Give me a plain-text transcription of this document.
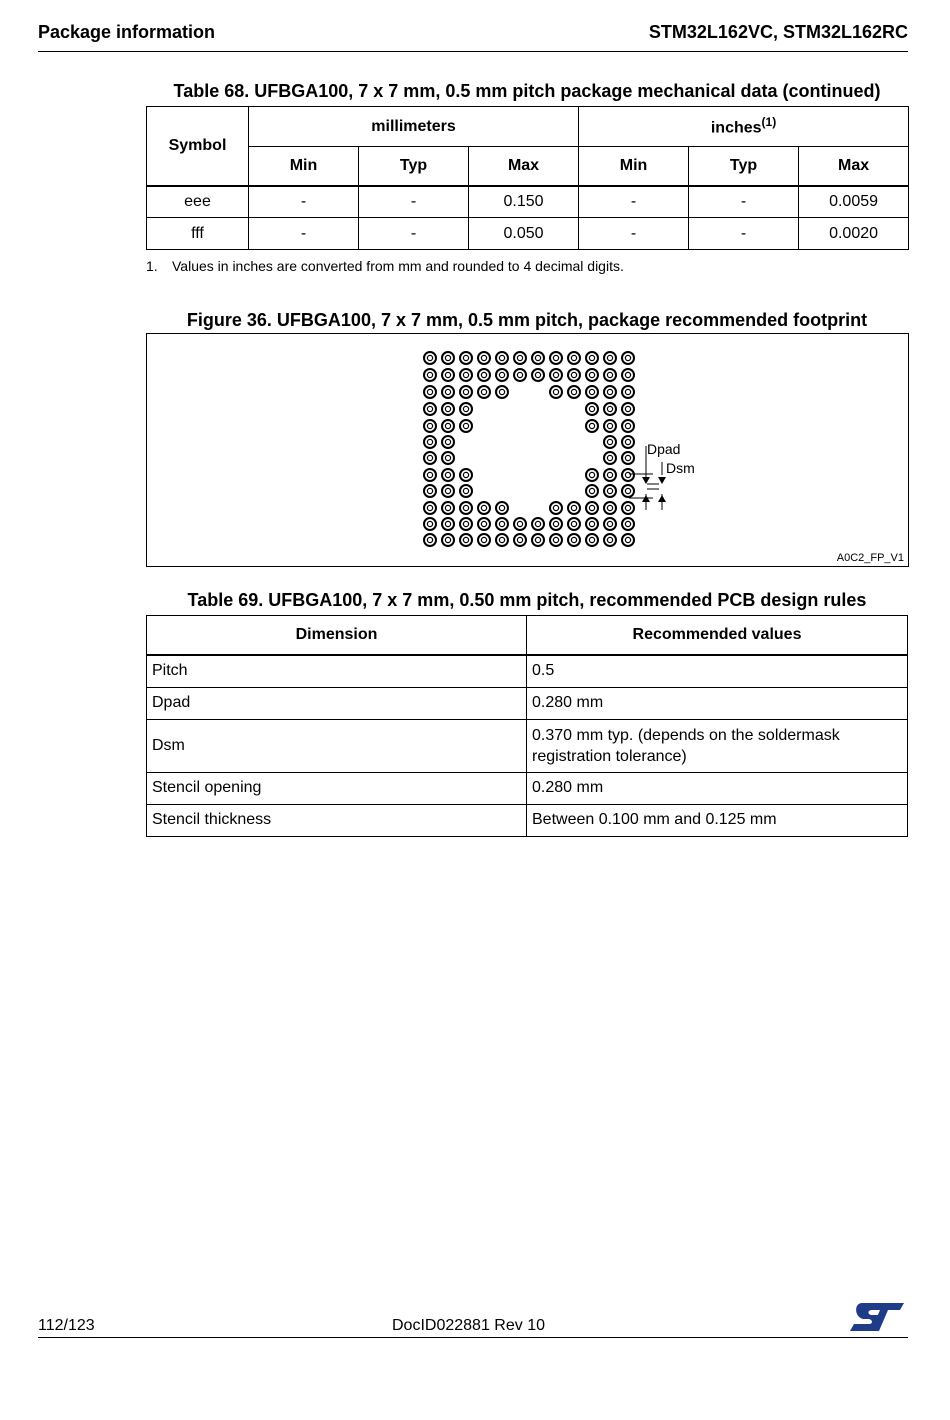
Package information	STM32L162VC, STM32L162RC
Table 68. UFBGA100, 7 x 7 mm, 0.5 mm pitch package mechanical data (continued)
Symbol	millimeters			inches$^{(1)}$
	Min	Typ	Max	Min	Typ	Max
eee	-	-	0.150	-	-	0.0059
fff	-	-	0.050	-	-	0.0020
1. Values in inches are converted from mm and rounded to 4 decimal digits.
Figure 36. UFBGA100, 7 x 7 mm, 0.5 mm pitch, package recommended footprint
Dpad
Dsm
A0C2_FP_V1
Table 69. UFBGA100, 7 x 7 mm, 0.50 mm pitch, recommended PCB design rules
Dimension	Recommended values
Pitch	0.5
Dpad	0.280 mm
Dsm	0.370 mm typ. (depends on the soldermask registration tolerance)
Stencil opening	0.280 mm
Stencil thickness	Between 0.100 mm and 0.125 mm
112/123	DocID022881 Rev 10
